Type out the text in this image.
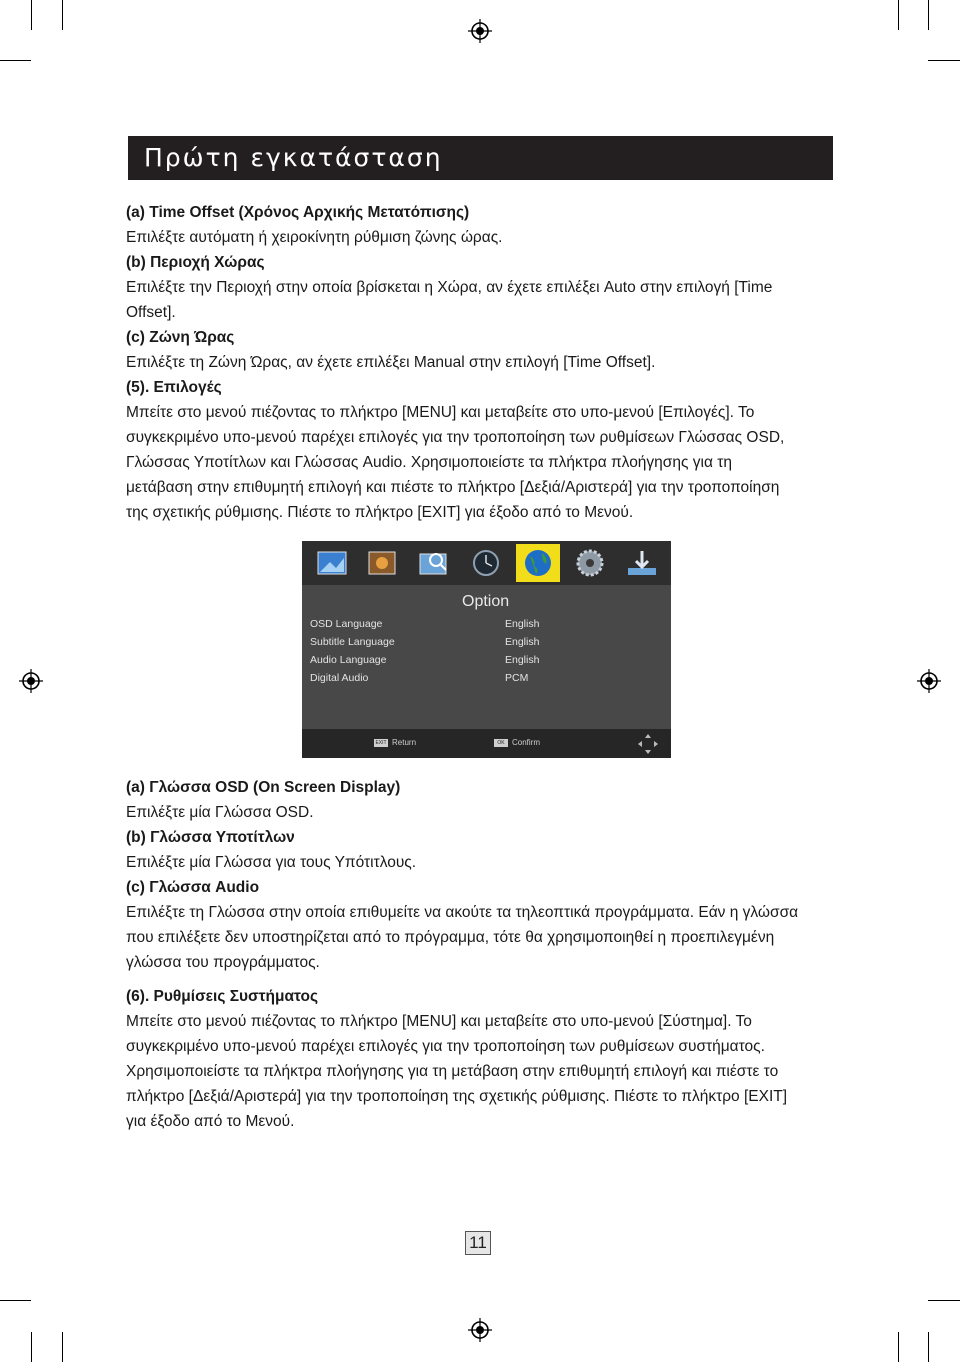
Πρώτη εγκατάσταση
(a) Time Offset (Χρόνος Αρχικής Μετατόπισης)
Επιλέξτε αυτόματη ή χειροκίνητη ρύθμιση ζώνης ώρας.
(b) Περιοχή Χώρας
Επιλέξτε την Περιοχή στην οποία βρίσκεται η Χώρα, αν έχετε επιλέξει Auto στην επιλογή [Time
Offset].
(c) Ζώνη Ώρας
Επιλέξτε τη Ζώνη Ώρας, αν έχετε επιλέξει Manual στην επιλογή [Time Offset].
(5). Επιλογές
Μπείτε στο μενού πιέζοντας το πλήκτρο [MENU] και μεταβείτε στο υπο-μενού [Επιλογές]. Το
συγκεκριμένο υπο-μενού παρέχει επιλογές για την τροποποίηση των ρυθμίσεων Γλώσσας OSD,
Γλώσσας Υποτίτλων και Γλώσσας Audio. Χρησιμοποιείστε τα πλήκτρα πλοήγησης για τη
μετάβαση στην επιθυμητή επιλογή και πιέστε το πλήκτρο [Δεξιά/Αριστερά] για την τροποποίηση
της σχετικής ρύθμισης. Πιέστε το πλήκτρο [EXIT] για έξοδο από το Μενού.
Option
OSD Language	English
Subtitle Language	English
Audio Language	English
Digital Audio	PCM
EXIT Return	OK Confirm
(a) Γλώσσα OSD (On Screen Display)
Επιλέξτε μία Γλώσσα OSD.
(b) Γλώσσα Υποτίτλων
Επιλέξτε μία Γλώσσα για τους Υπότιτλους.
(c) Γλώσσα Audio
Επιλέξτε τη Γλώσσα στην οποία επιθυμείτε να ακούτε τα τηλεοπτικά προγράμματα. Εάν η γλώσσα
που επιλέξετε δεν υποστηρίζεται από το πρόγραμμα, τότε θα χρησιμοποιηθεί η προεπιλεγμένη
γλώσσα του προγράμματος.
(6). Ρυθμίσεις Συστήματος
Μπείτε στο μενού πιέζοντας το πλήκτρο [MENU] και μεταβείτε στο υπο-μενού [Σύστημα]. Το
συγκεκριμένο υπο-μενού παρέχει επιλογές για την τροποποίηση των ρυθμίσεων συστήματος.
Χρησιμοποιείστε τα πλήκτρα πλοήγησης για τη μετάβαση στην επιθυμητή επιλογή και πιέστε το
πλήκτρο [Δεξιά/Αριστερά] για την τροποποίηση της σχετικής ρύθμισης. Πιέστε το πλήκτρο [EXIT]
για έξοδο από το Μενού.
11
